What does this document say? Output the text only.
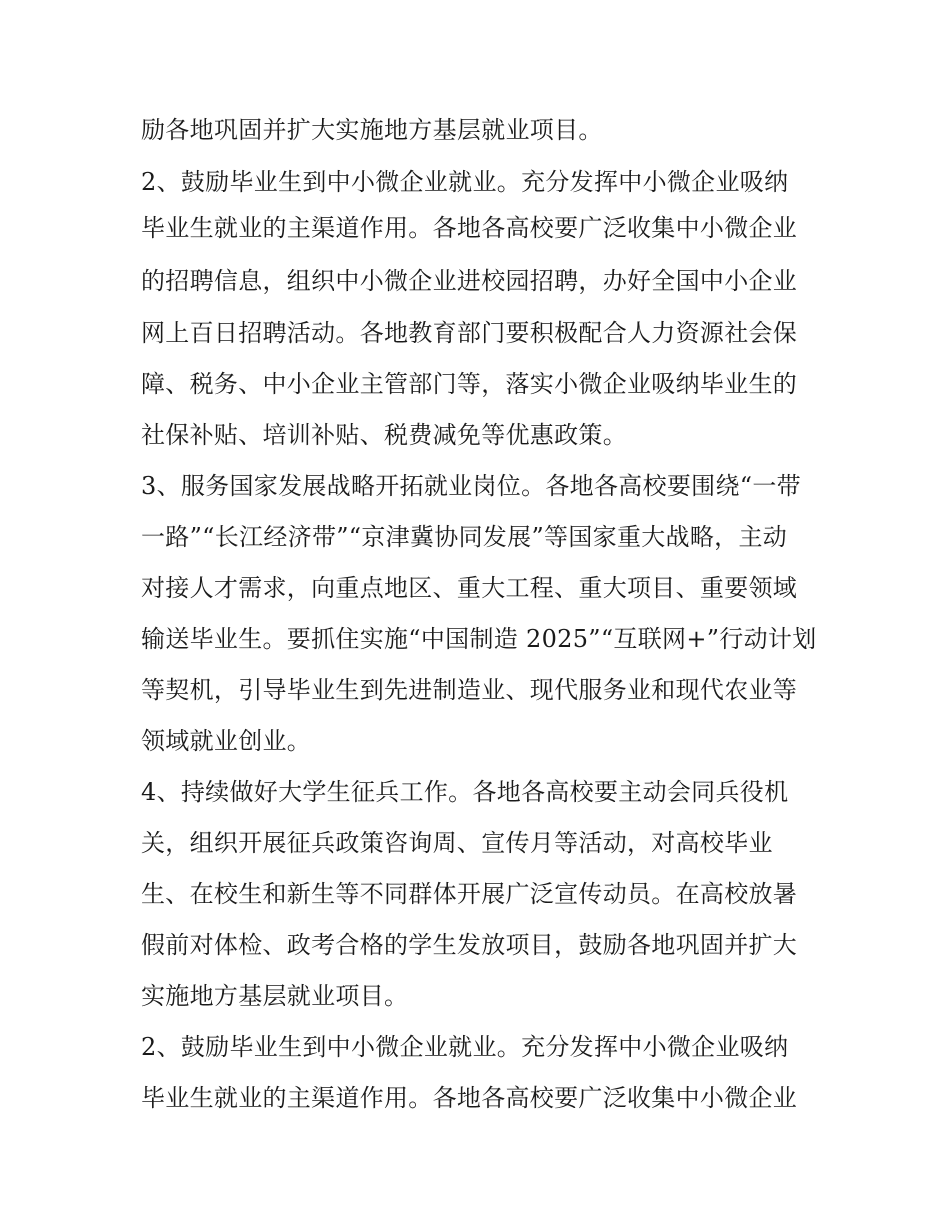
励各地巩固并扩大实施地方基层就业项目。
2、鼓励毕业生到中小微企业就业。充分发挥中小微企业吸纳
毕业生就业的主渠道作用。各地各高校要广泛收集中小微企业
的招聘信息，组织中小微企业进校园招聘，办好全国中小企业
网上百日招聘活动。各地教育部门要积极配合人力资源社会保
障、税务、中小企业主管部门等，落实小微企业吸纳毕业生的
社保补贴、培训补贴、税费减免等优惠政策。
3、服务国家发展战略开拓就业岗位。各地各高校要围绕“一带
一路”“长江经济带”“京津冀协同发展”等国家重大战略，主动
对接人才需求，向重点地区、重大工程、重大项目、重要领域
输送毕业生。要抓住实施“中国制造 2025”“互联网+”行动计划
等契机，引导毕业生到先进制造业、现代服务业和现代农业等
领域就业创业。
4、持续做好大学生征兵工作。各地各高校要主动会同兵役机
关，组织开展征兵政策咨询周、宣传月等活动，对高校毕业
生、在校生和新生等不同群体开展广泛宣传动员。在高校放暑
假前对体检、政考合格的学生发放项目，鼓励各地巩固并扩大
实施地方基层就业项目。
2、鼓励毕业生到中小微企业就业。充分发挥中小微企业吸纳
毕业生就业的主渠道作用。各地各高校要广泛收集中小微企业
